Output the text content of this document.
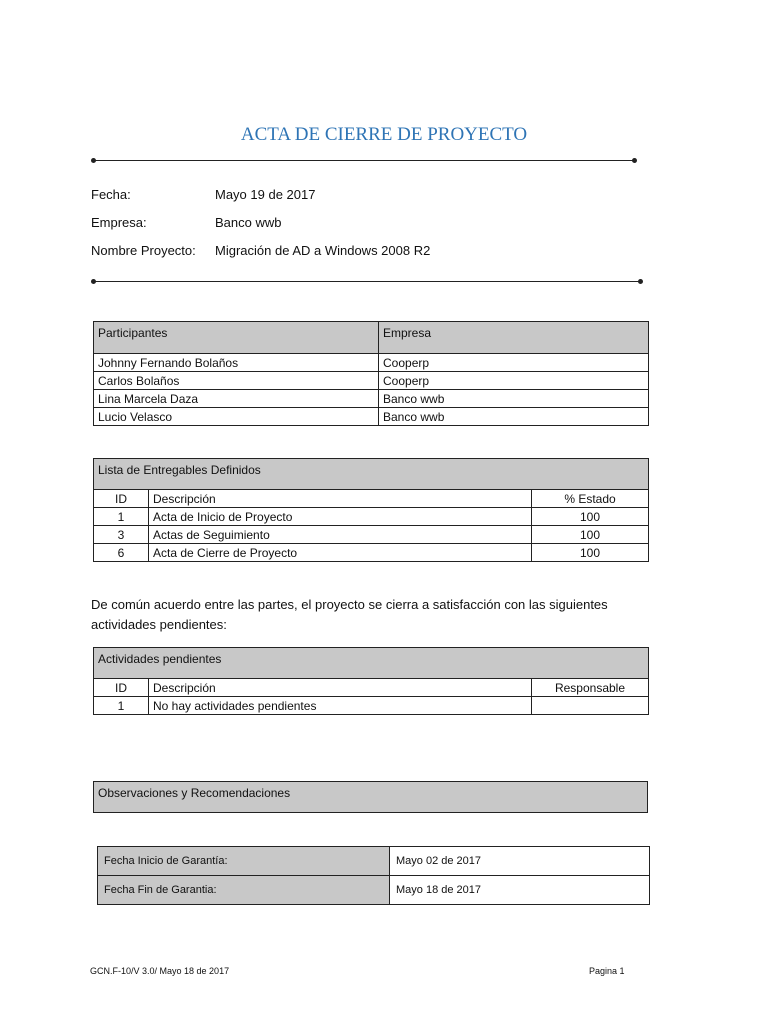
ACTA DE CIERRE DE PROYECTO
Fecha:	Mayo 19 de 2017
Empresa:	Banco wwb
Nombre Proyecto: Migración de AD a Windows 2008 R2
Participantes	Empresa
Johnny Fernando Bolaños	Cooperp
Carlos Bolaños	Cooperp
Lina Marcela Daza	Banco wwb
Lucio Velasco	Banco wwb
Lista de Entregables Definidos		
ID	Descripción	% Estado
1	Acta de Inicio de Proyecto	100
3	Actas de Seguimiento	100
6	Acta de Cierre de Proyecto	100
De común acuerdo entre las partes, el proyecto se cierra a satisfacción con las siguientes actividades pendientes:
Actividades pendientes		
ID	Descripción	Responsable
1	No hay actividades pendientes	
Observaciones y Recomendaciones
Fecha Inicio de Garantía:	Mayo 02 de 2017
Fecha Fin de Garantia:	Mayo 18 de 2017
GCN.F-10/V 3.0/ Mayo 18 de 2017	Pagina 1
